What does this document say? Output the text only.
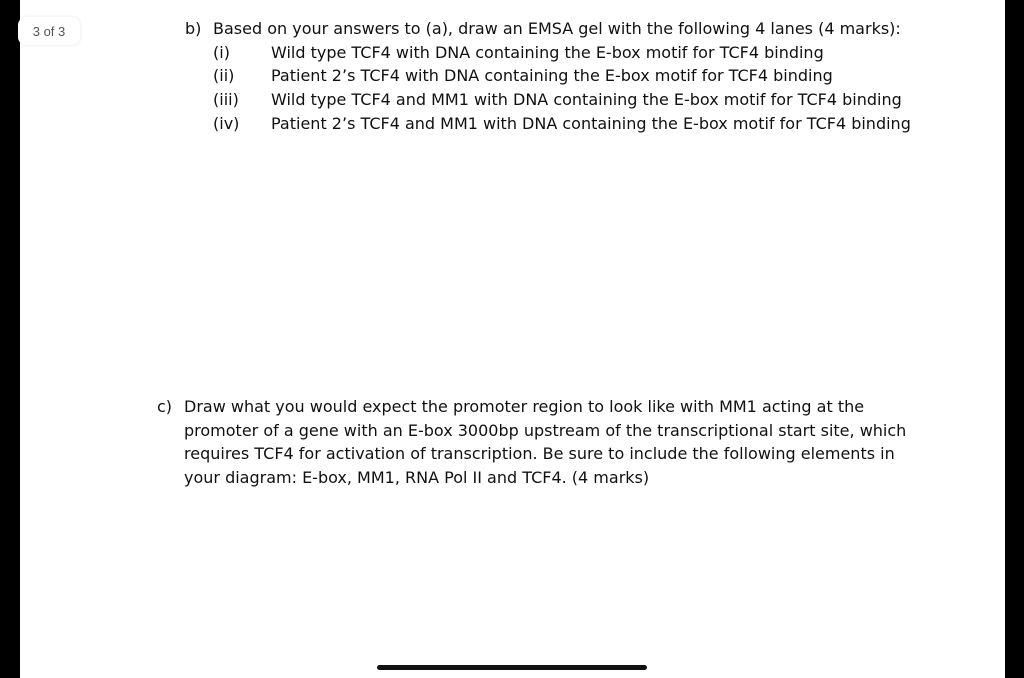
3 of 3	b) Based on your answers to (a), draw an EMSA gel with the following 4 lanes (4 marks):
(i)	Wild type TCF4 with DNA containing the E-box motif for TCF4 binding
(ii) Patient 2’s TCF4 with DNA containing the E-box motif for TCF4 binding
(iii) Wild type TCF4 and MM1 with DNA containing the E-box motif for TCF4 binding
(iv) Patient 2’s TCF4 and MM1 with DNA containing the E-box motif for TCF4 binding
c) Draw what you would expect the promoter region to look like with MM1 acting at the
promoter of a gene with an E-box 3000bp upstream of the transcriptional start site, which
requires TCF4 for activation of transcription. Be sure to include the following elements in
your diagram: E-box, MM1, RNA Pol II and TCF4. (4 marks)
